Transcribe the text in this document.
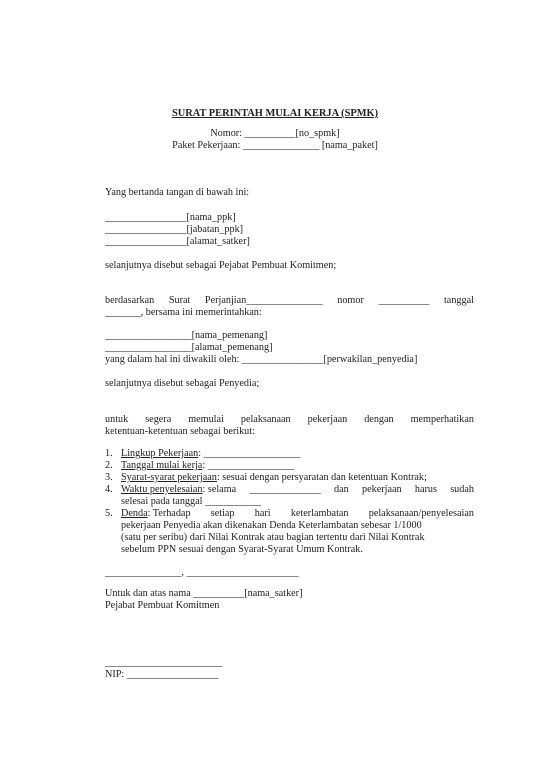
SURAT PERINTAH MULAI KERJA (SPMK)
Nomor: __________[no_spmk]
Paket Pekerjaan: _______________ [nama_paket]
Yang bertanda tangan di bawah ini:
________________[nama_ppk]
________________[jabatan_ppk]
________________[alamat_satker]
selanjutnya disebut sebagai Pejabat Pembuat Komitmen;
berdasarkan Surat Perjanjian_______________ nomor __________ tanggal
_______, bersama ini memerintahkan:
_________________[nama_pemenang]
_________________[alamat_pemenang]
yang dalam hal ini diwakili oleh: ________________[perwakilan_penyedia]
selanjutnya disebut sebagai Penyedia;
untuk segera memulai pelaksanaan pekerjaan dengan memperhatikan
ketentuan-ketentuan sebagai berikut:
1. Lingkup Pekerjaan: ___________________
2. Tanggal mulai kerja: _________________
3. Syarat-syarat pekerjaan: sesuai dengan persyaratan dan ketentuan Kontrak;
4. Waktu penyelesaian: selama ______________ dan pekerjaan harus sudah
selesai pada tanggal ___________
5. Denda: Terhadap setiap hari keterlambatan pelaksanaan/penyelesaian
pekerjaan Penyedia akan dikenakan Denda Keterlambatan sebesar 1/1000
(satu per seribu) dari Nilai Kontrak atau bagian tertentu dari Nilai Kontrak
sebelum PPN sesuai dengan Syarat-Syarat Umum Kontrak.
_______________, ______________________
Untuk dan atas nama __________[nama_satker]
Pejabat Pembuat Komitmen
_______________________
NIP: __________________
